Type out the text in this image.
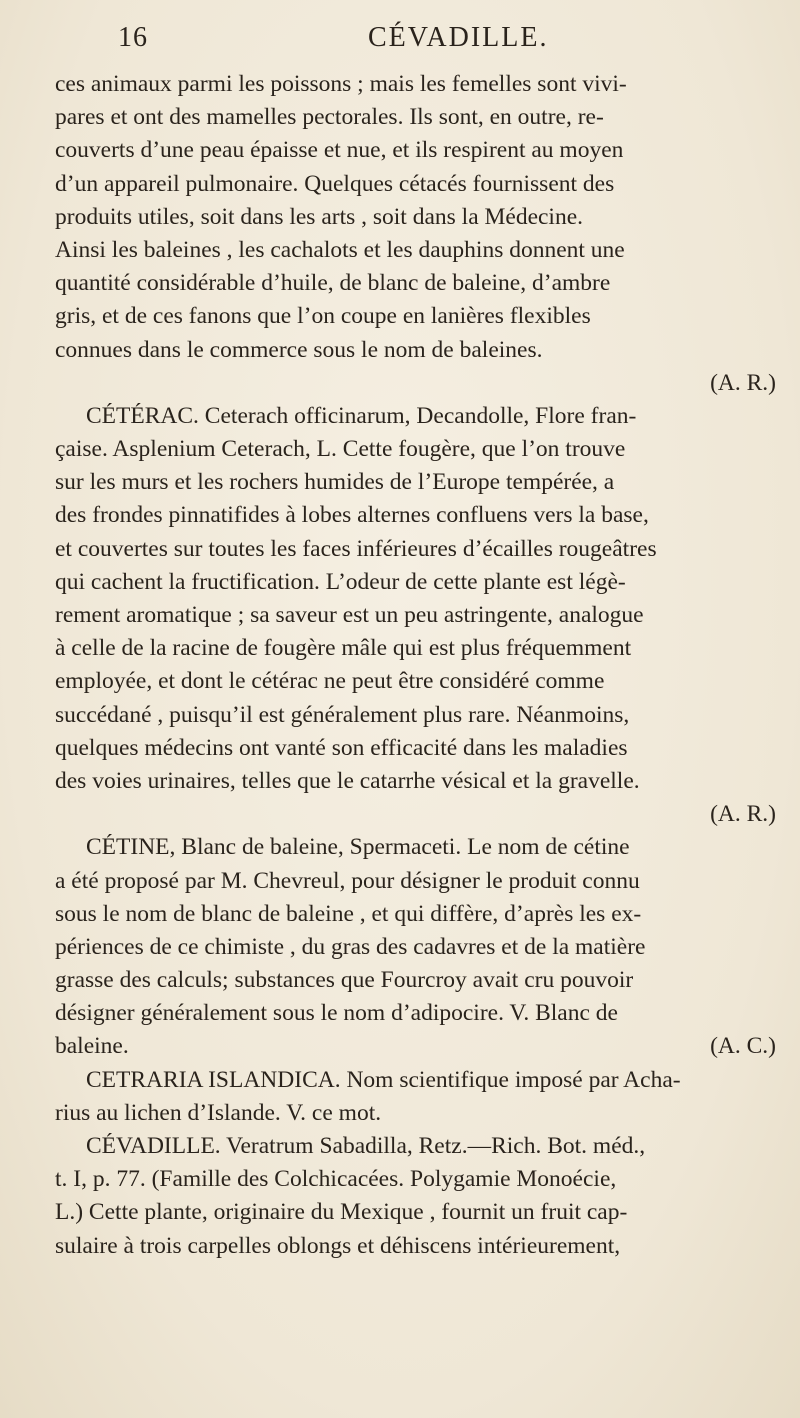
16	CÉVADILLE.
ces animaux parmi les poissons ; mais les femelles sont vivi-
pares et ont des mamelles pectorales. Ils sont, en outre, re-
couverts d’une peau épaisse et nue, et ils respirent au moyen
d’un appareil pulmonaire. Quelques cétacés fournissent des
produits utiles, soit dans les arts , soit dans la Médecine.
Ainsi les baleines , les cachalots et les dauphins donnent une
quantité considérable d’huile, de blanc de baleine, d’ambre
gris, et de ces fanons que l’on coupe en lanières flexibles
connues dans le commerce sous le nom de baleines.
(A. R.)
CÉTÉRAC. Ceterach officinarum, Decandolle, Flore fran-
çaise. Asplenium Ceterach, L. Cette fougère, que l’on trouve
sur les murs et les rochers humides de l’Europe tempérée, a
des frondes pinnatifides à lobes alternes confluens vers la base,
et couvertes sur toutes les faces inférieures d’écailles rougeâtres
qui cachent la fructification. L’odeur de cette plante est légè-
rement aromatique ; sa saveur est un peu astringente, analogue
à celle de la racine de fougère mâle qui est plus fréquemment
employée, et dont le cétérac ne peut être considéré comme
succédané , puisqu’il est généralement plus rare. Néanmoins,
quelques médecins ont vanté son efficacité dans les maladies
des voies urinaires, telles que le catarrhe vésical et la gravelle.
(A. R.)
CÉTINE, Blanc de baleine, Spermaceti. Le nom de cétine
a été proposé par M. Chevreul, pour désigner le produit connu
sous le nom de blanc de baleine , et qui diffère, d’après les ex-
périences de ce chimiste , du gras des cadavres et de la matière
grasse des calculs; substances que Fourcroy avait cru pouvoir
désigner généralement sous le nom d’adipocire. V. Blanc de
(A. C.)
baleine.
CETRARIA ISLANDICA. Nom scientifique imposé par Acha-
rius au lichen d’Islande. V. ce mot.
CÉVADILLE. Veratrum Sabadilla, Retz.—Rich. Bot. méd.,
t. I, p. 77. (Famille des Colchicacées. Polygamie Monoécie,
L.) Cette plante, originaire du Mexique , fournit un fruit cap-
sulaire à trois carpelles oblongs et déhiscens intérieurement,
